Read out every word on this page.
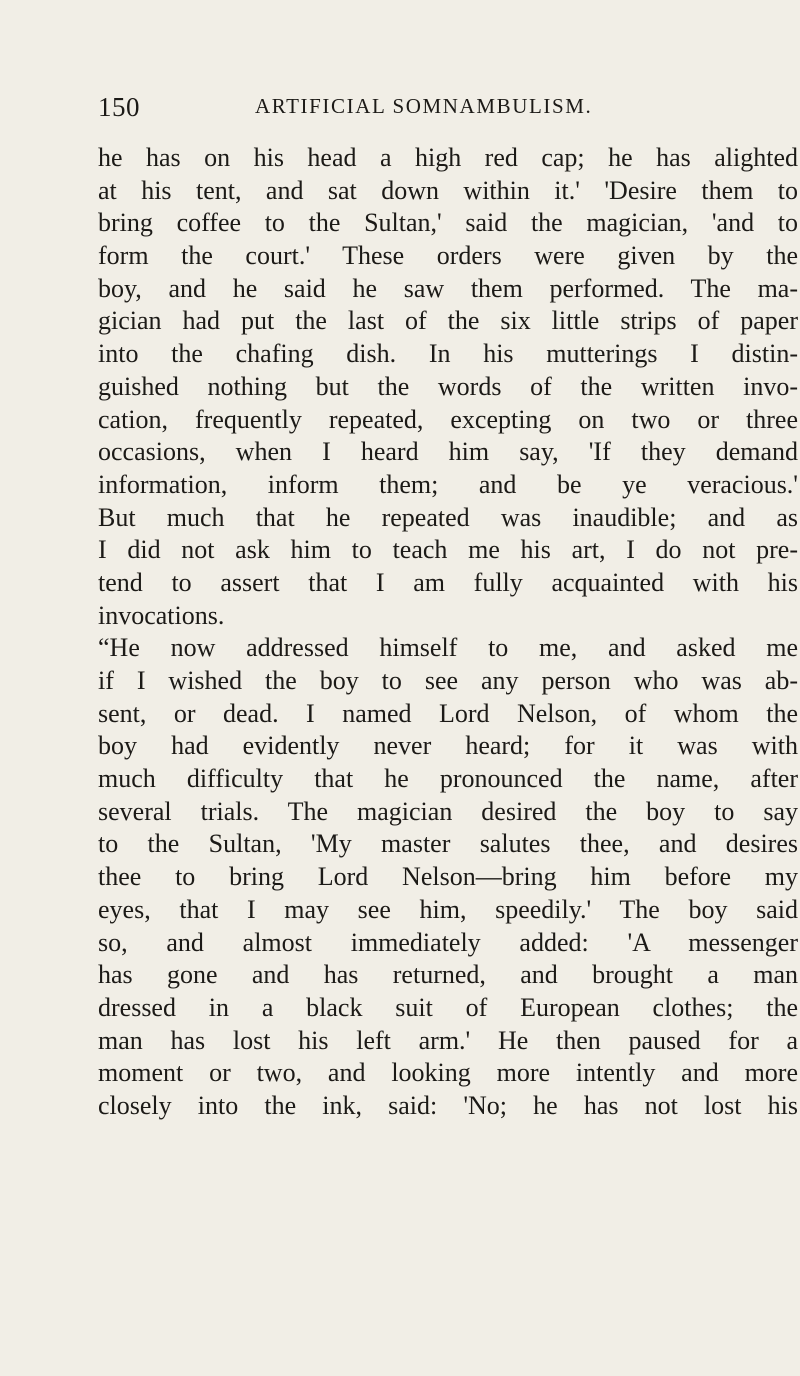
150	ARTIFICIAL SOMNAMBULISM.
he has on his head a high red cap; he has alighted
at his tent, and sat down within it.' 'Desire them to
bring coffee to the Sultan,' said the magician, 'and to
form the court.' These orders were given by the
boy, and he said he saw them performed. The ma-
gician had put the last of the six little strips of paper
into the chafing dish. In his mutterings I distin-
guished nothing but the words of the written invo-
cation, frequently repeated, excepting on two or three
occasions, when I heard him say, 'If they demand
information, inform them; and be ye veracious.'
But much that he repeated was inaudible; and as
I did not ask him to teach me his art, I do not pre-
tend to assert that I am fully acquainted with his
invocations.
“He now addressed himself to me, and asked me
if I wished the boy to see any person who was ab-
sent, or dead. I named Lord Nelson, of whom the
boy had evidently never heard; for it was with
much difficulty that he pronounced the name, after
several trials. The magician desired the boy to say
to the Sultan, 'My master salutes thee, and desires
thee to bring Lord Nelson—bring him before my
eyes, that I may see him, speedily.' The boy said
so, and almost immediately added: 'A messenger
has gone and has returned, and brought a man
dressed in a black suit of European clothes; the
man has lost his left arm.' He then paused for a
moment or two, and looking more intently and more
closely into the ink, said: 'No; he has not lost his
